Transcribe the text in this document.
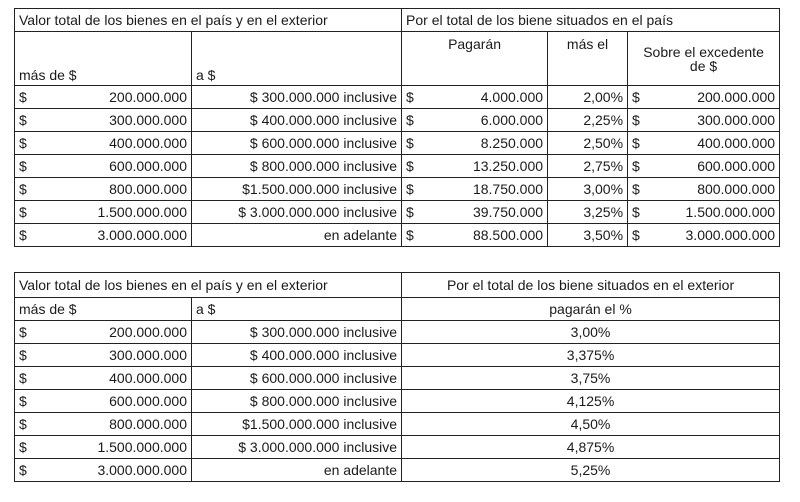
Valor total de los bienes en el país y en el exterior			Por el total de los biene situados en el país				
más de $		a $	Pagarán		más el	Sobre el excedente
de $	

$	200.000.000	$ 300.000.000 inclusive	$	4.000.000	2,00%	$	200.000.000
$	300.000.000	$ 400.000.000 inclusive	$	6.000.000	2,25%	$	300.000.000
$	400.000.000	$ 600.000.000 inclusive	$	8.250.000	2,50%	$	400.000.000
$	600.000.000	$ 800.000.000 inclusive	$	13.250.000	2,75%	$	600.000.000
$	800.000.000	$1.500.000.000 inclusive	$	18.750.000	3,00%	$	800.000.000
$	1.500.000.000	$ 3.000.000.000 inclusive	$	39.750.000	3,25%	$	1.500.000.000
$	3.000.000.000	en adelante	$	88.500.000	3,50%	$	3.000.000.000
Valor total de los bienes en el país y en el exterior			Por el total de los biene situados en el exterior
más de $		a $	pagarán el %
$	200.000.000	$ 300.000.000 inclusive	3,00%
$	300.000.000	$ 400.000.000 inclusive	3,375%
$	400.000.000	$ 600.000.000 inclusive	3,75%
$	600.000.000	$ 800.000.000 inclusive	4,125%
$	800.000.000	$1.500.000.000 inclusive	4,50%
$	1.500.000.000	$ 3.000.000.000 inclusive	4,875%
$	3.000.000.000	en adelante	5,25%
